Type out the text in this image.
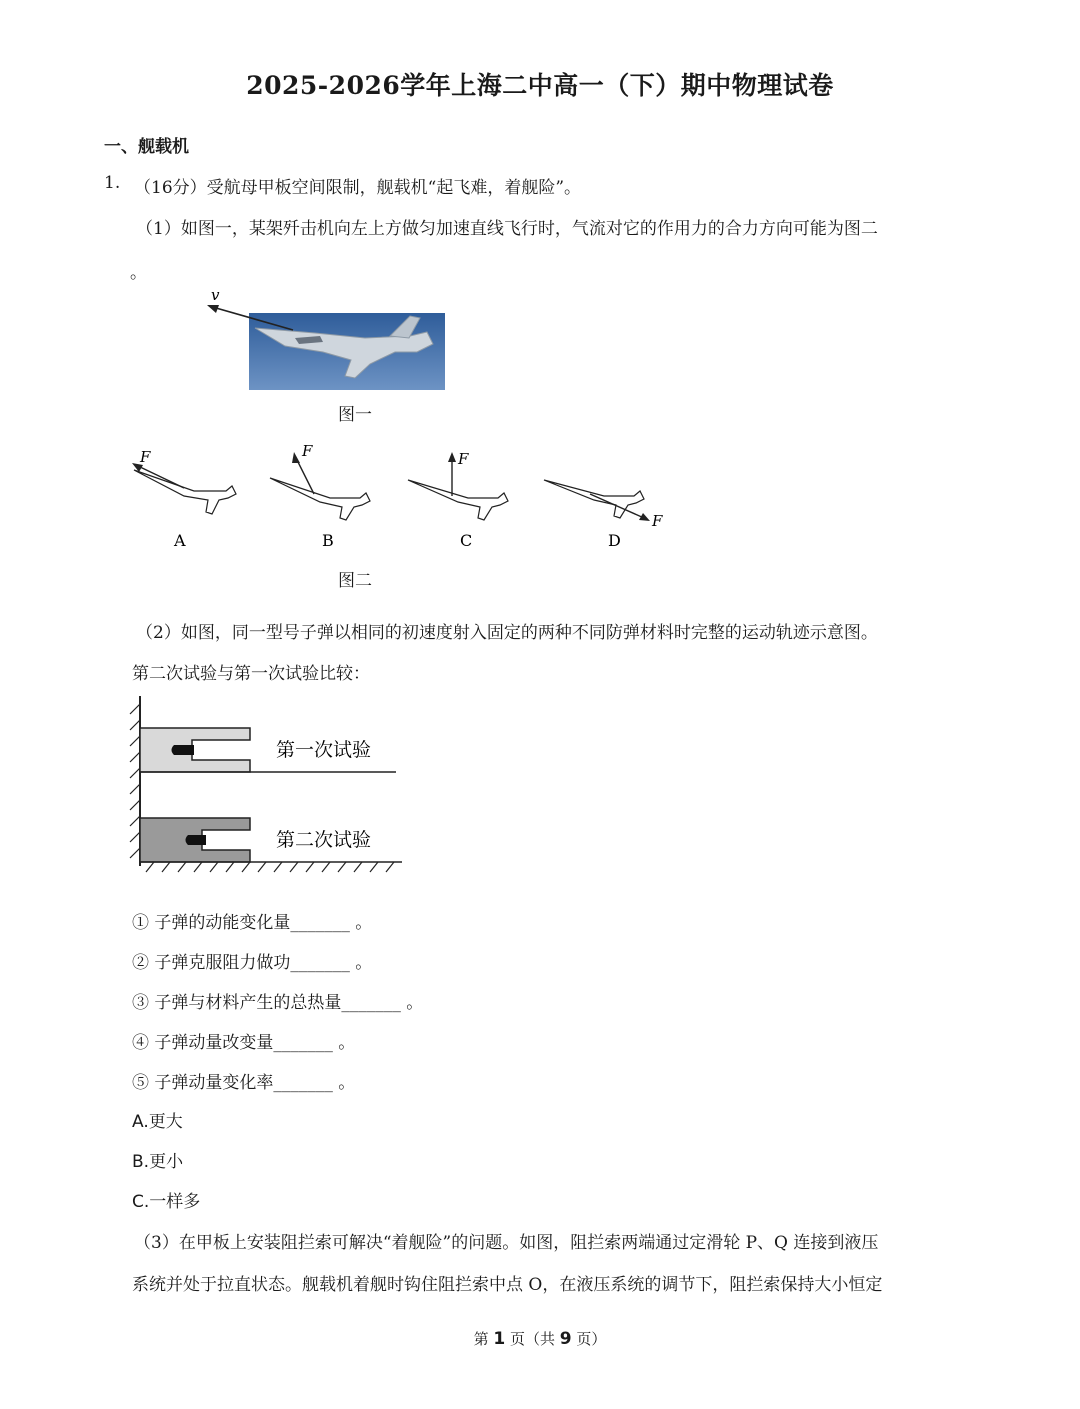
2025-2026学年上海二中高一（下）期中物理试卷
一、舰载机
1. （16分）受航母甲板空间限制，舰载机“起飞难，着舰险”。
（1）如图一，某架歼击机向左上方做匀加速直线飞行时，气流对它的作用力的合力方向可能为图二
。
v
图一
F	F	F
F
A	B	C	D
图二
（2）如图，同一型号子弹以相同的初速度射入固定的两种不同防弹材料时完整的运动轨迹示意图。
第二次试验与第一次试验比较：
第一次试验
第二次试验
① 子弹的动能变化量_______ 。
② 子弹克服阻力做功_______ 。
③ 子弹与材料产生的总热量_______ 。
④ 子弹动量改变量_______ 。
⑤ 子弹动量变化率_______ 。
A.更大
B.更小
C.一样多
（3）在甲板上安装阻拦索可解决“着舰险”的问题。如图，阻拦索两端通过定滑轮 P、Q 连接到液压
系统并处于拉直状态。舰载机着舰时钩住阻拦索中点 O，在液压系统的调节下，阻拦索保持大小恒定
第 1 页（共 9 页）
